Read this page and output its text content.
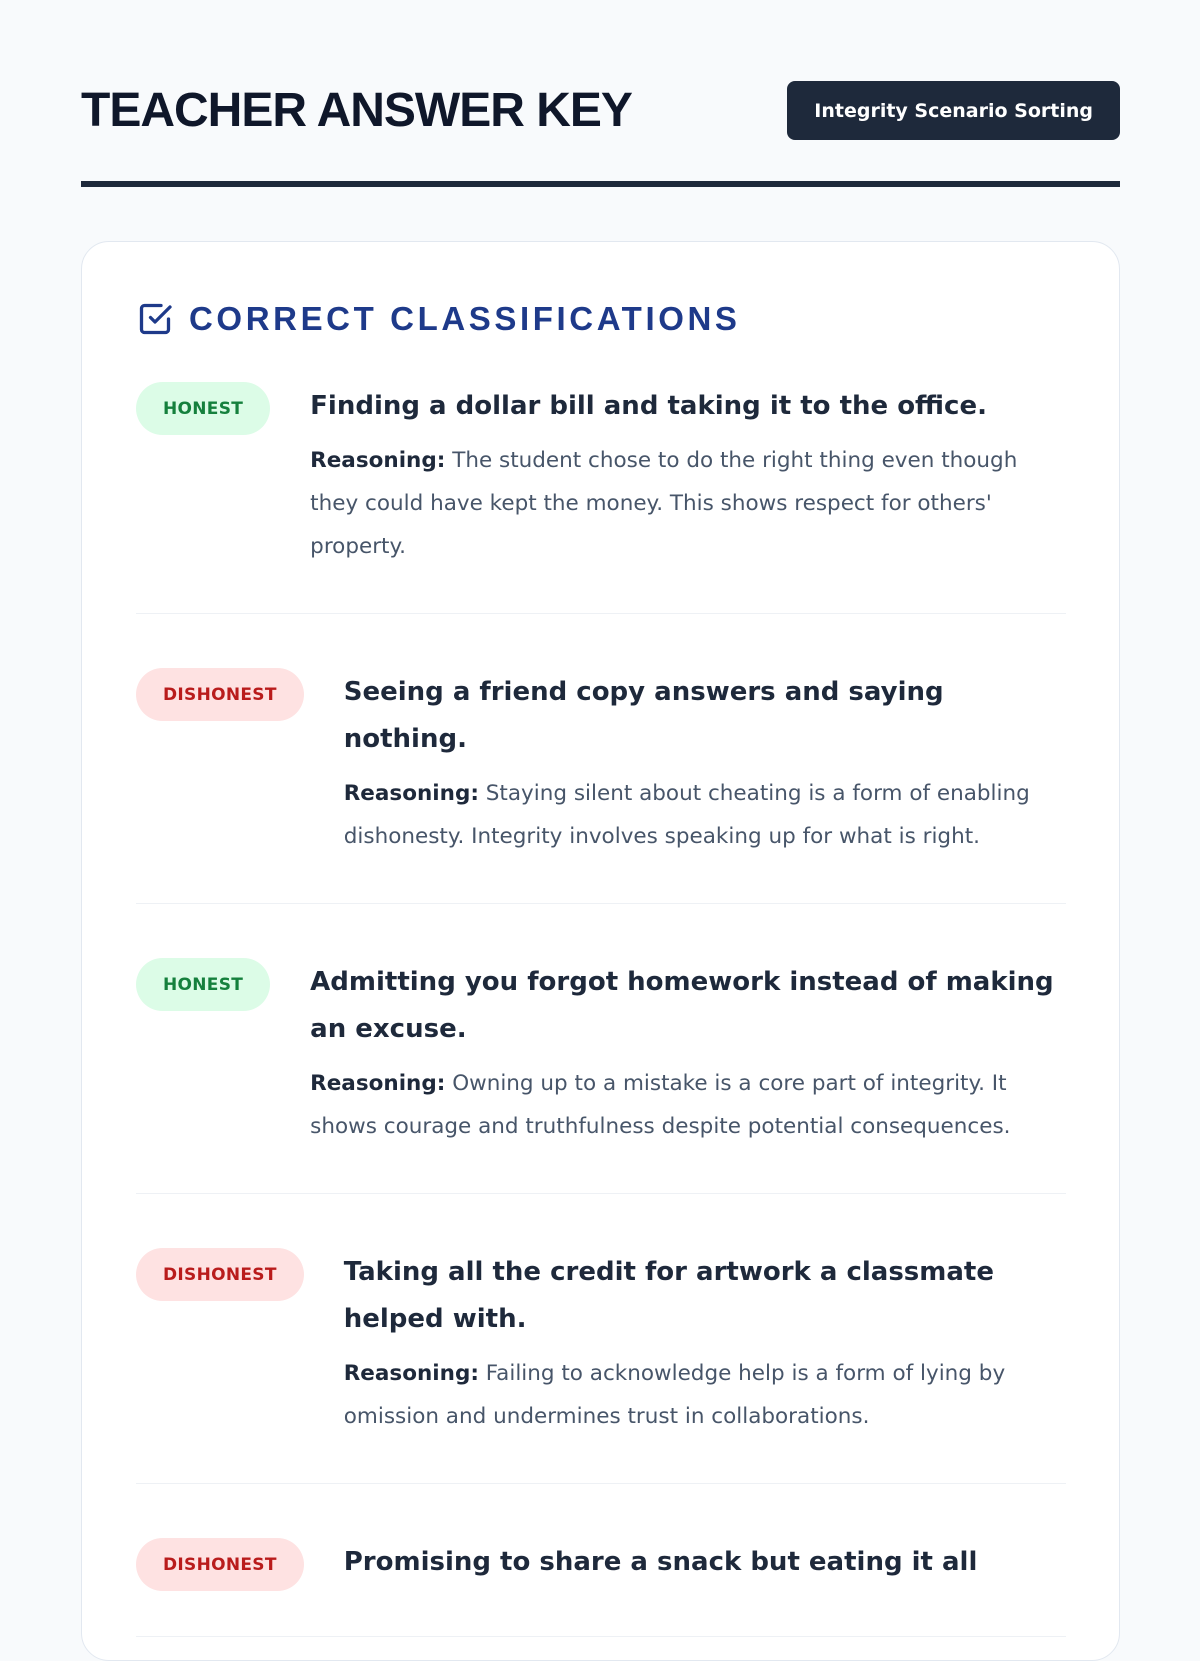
TEACHER ANSWER KEY	Integrity Scenario Sorting
CORRECT CLASSIFICATIONS
HONEST	Finding a dollar bill and taking it to the office.

Reasoning: The student chose to do the right thing even though they could have kept the money. This shows respect for others' property.

DISHONEST	Seeing a friend copy answers and saying nothing.

Reasoning: Staying silent about cheating is a form of enabling dishonesty. Integrity involves speaking up for what is right.

HONEST	Admitting you forgot homework instead of making an excuse.

Reasoning: Owning up to a mistake is a core part of integrity. It shows courage and truthfulness despite potential consequences.

DISHONEST	Taking all the credit for artwork a classmate helped with.

Reasoning: Failing to acknowledge help is a form of lying by omission and undermines trust in collaborations.

DISHONEST	Promising to share a snack but eating it all
